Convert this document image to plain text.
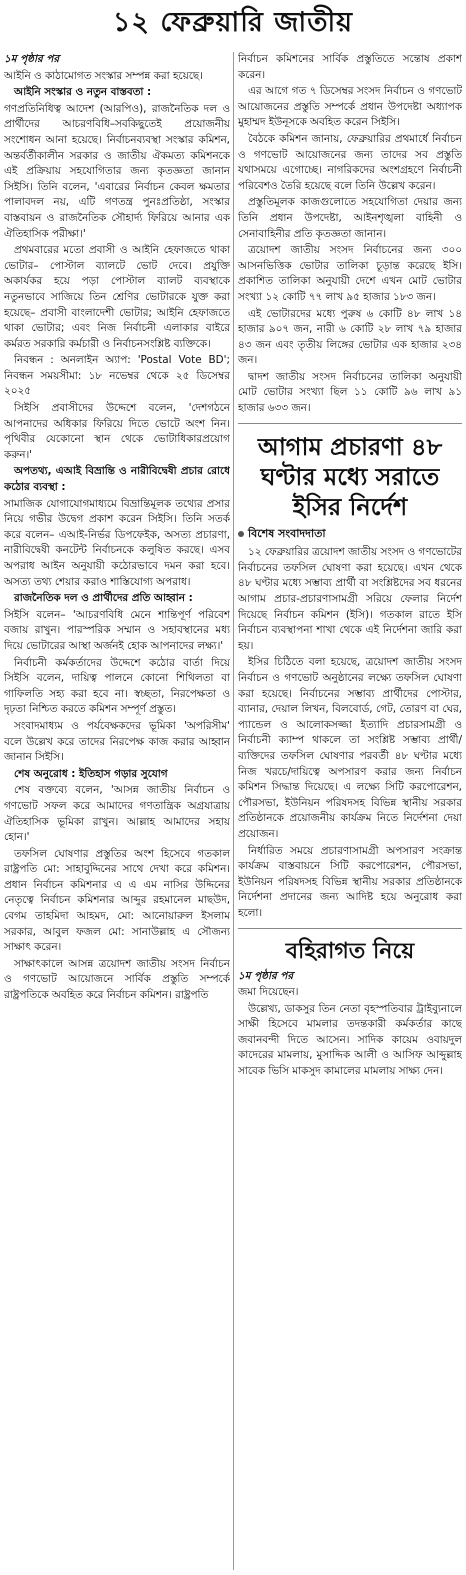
১২ ফেব্রুয়ারি জাতীয়

১ম পৃষ্ঠার পর

আইনি ও কাঠামোগত সংস্কার সম্পন্ন করা হয়েছে।

আইনি সংস্কার ও নতুন বাস্তবতা :

গণপ্রতিনিধিত্ব আদেশ (আরপিও), রাজনৈতিক দল ও প্রার্থীদের আচরণবিধি–সবকিছুতেই প্রয়োজনীয় সংশোধন আনা হয়েছে। নির্বাচনব্যবস্থা সংস্কার কমিশন, অন্তর্বর্তীকালীন সরকার ও জাতীয় ঐকমত্য কমিশনকে এই প্রক্রিয়ায় সহযোগিতার জন্য কৃতজ্ঞতা জানান সিইসি। তিনি বলেন, 'এবারের নির্বাচন কেবল ক্ষমতার পালাবদল নয়, এটি গণতন্ত্র পুনঃপ্রতিষ্ঠা, সংস্কার বাস্তবায়ন ও রাজনৈতিক সৌহার্দ্য ফিরিয়ে আনার এক ঐতিহাসিক পরীক্ষা।'

প্রথমবারের মতো প্রবাসী ও আইনি হেফাজতে থাকা ভোটার– পোস্টাল ব্যালটে ভোট দেবে। প্রযুক্তি অকার্যকর হয়ে পড়া পোস্টাল ব্যালট ব্যবস্থাকে নতুনভাবে সাজিয়ে তিন শ্রেণির ভোটারকে যুক্ত করা হয়েছে– প্রবাসী বাংলাদেশী ভোটার; আইনি হেফাজতে থাকা ভোটার; এবং নিজ নির্বাচনী এলাকার বাইরে কর্মরত সরকারি কর্মচারী ও নির্বাচনসংশ্লিষ্ট ব্যক্তিকে।

নিবন্ধন : অনলাইন অ্যাপ: 'Postal Vote BD'; নিবন্ধন সময়সীমা: ১৮ নভেম্বর থেকে ২৫ ডিসেম্বর ২০২৫

সিইসি প্রবাসীদের উদ্দেশে বলেন, 'দেশগঠনে আপনাদের অধিকার ফিরিয়ে দিতে ভোটে অংশ নিন। পৃথিবীর যেকোনো স্থান থেকে ভোটাধিকারপ্রয়োগ করুন।'

অপতথ্য, এআই বিভ্রান্তি ও নারীবিদ্বেষী প্রচার রোধে কঠোর ব্যবস্থা :

সামাজিক যোগাযোগমাধ্যমে বিভ্রান্তিমূলক তথ্যের প্রসার নিয়ে গভীর উদ্বেগ প্রকাশ করেন সিইসি। তিনি সতর্ক করে বলেন– এআই-নির্ভর ডিপফেইক, অসত্য প্রচারণা, নারীবিদ্বেষী কনটেন্ট নির্বাচনকে কলুষিত করছে। এসব অপরাধ আইন অনুযায়ী কঠোরভাবে দমন করা হবে। অসত্য তথ্য শেয়ার করাও শাস্তিযোগ্য অপরাধ।

রাজনৈতিক দল ও প্রার্থীদের প্রতি আহ্বান :

সিইসি বলেন– 'আচরণবিধি মেনে শান্তিপূর্ণ পরিবেশ বজায় রাখুন। পারস্পরিক সম্মান ও সহাবস্থানের মধ্য দিয়ে ভোটারের আস্থা অর্জনই হোক আপনাদের লক্ষ্য।'

নির্বাচনী কর্মকর্তাদের উদ্দেশে কঠোর বার্তা দিয়ে সিইসি বলেন, দায়িত্ব পালনে কোনো শিথিলতা বা গাফিলতি সহ্য করা হবে না। স্বচ্ছতা, নিরপেক্ষতা ও দৃঢ়তা নিশ্চিত করতে কমিশন সম্পূর্ণ প্রস্তুত।

সংবাদমাধ্যম ও পর্যবেক্ষকদের ভূমিকা 'অপরিসীম' বলে উল্লেখ করে তাদের নিরপেক্ষ কাজ করার আহ্বান জানান সিইসি।

শেষ অনুরোধ : ইতিহাস গড়ার সুযোগ

শেষ বক্তব্যে বলেন, 'আসন্ন জাতীয় নির্বাচন ও গণভোট সফল করে আমাদের গণতান্ত্রিক অগ্রযাত্রায় ঐতিহাসিক ভূমিকা রাখুন। আল্লাহ আমাদের সহায় হোন।'

তফসিল ঘোষণার প্রস্তুতির অংশ হিসেবে গতকাল রাষ্ট্রপতি মো: সাহাবুদ্দিনের সাথে দেখা করে কমিশন। প্রধান নির্বাচন কমিশনার এ এ এম নাসির উদ্দিনের নেতৃত্বে নির্বাচন কমিশনার আব্দুর রহমানেল মাছউদ, বেগম তাহমিদা আহমদ, মো: আনোয়ারুল ইসলাম সরকার, আবুল ফজল মো: সানাউল্লাহ এ সৌজন্য সাক্ষাৎ করেন।

সাক্ষাৎকালে আসন্ন ত্রয়োদশ জাতীয় সংসদ নির্বাচন ও গণভোট আয়োজনে সার্বিক প্রস্তুতি সম্পর্কে রাষ্ট্রপতিকে অবহিত করে নির্বাচন কমিশন। রাষ্ট্রপতি

নির্বাচন কমিশনের সার্বিক প্রস্তুতিতে সন্তোষ প্রকাশ করেন।

এর আগে গত ৭ ডিসেম্বর সংসদ নির্বাচন ও গণভোট আয়োজনের প্রস্তুতি সম্পর্কে প্রধান উপদেষ্টা অধ্যাপক মুহাম্মদ ইউনূসকে অবহিত করেন সিইসি।

বৈঠকে কমিশন জানায়, ফেব্রুয়ারির প্রথমার্ধে নির্বাচন ও গণভোট আয়োজনের জন্য তাদের সব প্রস্তুতি যথাসময়ে এগোচ্ছে। নাগরিকদের অংশগ্রহণে নির্বাচনী পরিবেশও তৈরি হয়েছে বলে তিনি উল্লেখ করেন।

প্রস্তুতিমূলক কাজগুলোতে সহযোগিতা দেয়ার জন্য তিনি প্রধান উপদেষ্টা, আইনশৃঙ্খলা বাহিনী ও সেনাবাহিনীর প্রতি কৃতজ্ঞতা জানান।

ত্রয়োদশ জাতীয় সংসদ নির্বাচনের জন্য ৩০০ আসনভিত্তিক ভোটার তালিকা চূড়ান্ত করেছে ইসি। প্রকাশিত তালিকা অনুযায়ী দেশে এখন মোট ভোটার সংখ্যা ১২ কোটি ৭৭ লাখ ৯৫ হাজার ১৮৩ জন।

এই ভোটারদের মধ্যে পুরুষ ৬ কোটি ৪৮ লাখ ১৪ হাজার ৯০৭ জন, নারী ৬ কোটি ২৮ লাখ ৭৯ হাজার ৪৩ জন এবং তৃতীয় লিঙ্গের ভোটার এক হাজার ২৩৪ জন।

দ্বাদশ জাতীয় সংসদ নির্বাচনের তালিকা অনুযায়ী মোট ভোটার সংখ্যা ছিল ১১ কোটি ৯৬ লাখ ৯১ হাজার ৬৩৩ জন।

আগাম প্রচারণা ৪৮ ঘণ্টার মধ্যে সরাতে ইসির নির্দেশ
বিশেষ সংবাদদাতা

১২ ফেব্রুয়ারির ত্রয়োদশ জাতীয় সংসদ ও গণভোটের নির্বাচনের তফসিল ঘোষণা করা হয়েছে। এখন থেকে ৪৮ ঘণ্টার মধ্যে সম্ভাব্য প্রার্থী বা সংশ্লিষ্টদের সব ধরনের আগাম প্রচার-প্রচারণাসামগ্রী সরিয়ে ফেলার নির্দেশ দিয়েছে নির্বাচন কমিশন (ইসি)। গতকাল রাতে ইসি নির্বাচন ব্যবস্থাপনা শাখা থেকে এই নির্দেশনা জারি করা হয়।

ইসির চিঠিতে বলা হয়েছে, ত্রয়োদশ জাতীয় সংসদ নির্বাচন ও গণভোট অনুষ্ঠানের লক্ষ্যে তফসিল ঘোষণা করা হয়েছে। নির্বাচনের সম্ভাব্য প্রার্থীদের পোস্টার, ব্যানার, দেয়াল লিখন, বিলবোর্ড, গেট, তোরণ বা ঘের, প্যান্ডেল ও আলোকসজ্জা ইত্যাদি প্রচারসামগ্রী ও নির্বাচনী ক্যাম্প থাকলে তা সংশ্লিষ্ট সম্ভাব্য প্রার্থী/ব্যক্তিদের তফসিল ঘোষণার পরবর্তী ৪৮ ঘণ্টার মধ্যে নিজ খরচে/দায়িত্বে অপসারণ করার জন্য নির্বাচন কমিশন সিদ্ধান্ত দিয়েছে। এ লক্ষ্যে সিটি করপোরেশন, পৌরসভা, ইউনিয়ন পরিষদসহ বিভিন্ন স্থানীয় সরকার প্রতিষ্ঠানকে প্রয়োজনীয় কার্যক্রম নিতে নির্দেশনা দেয়া প্রয়োজন।

নির্ধারিত সময়ে প্রচারণাসামগ্রী অপসারণ সংক্রান্ত কার্যক্রম বাস্তবায়নে সিটি করপোরেশন, পৌরসভা, ইউনিয়ন পরিষদসহ বিভিন্ন স্থানীয় সরকার প্রতিষ্ঠানকে নির্দেশনা প্রদানের জন্য আদিষ্ট হয়ে অনুরোধ করা হলো।

বহিরাগত নিয়ে

১ম পৃষ্ঠার পর

জমা দিয়েছেন।

উল্লেখ্য, ডাকসুর তিন নেতা বৃহস্পতিবার ট্রাইব্যুনালে সাক্ষী হিসেবে মামলার তদন্তকারী কর্মকর্তার কাছে জবানবন্দী দিতে আসেন। সাদিক কায়েম ওবায়দুল কাদেরের মামলায়, মুসাদ্দিক আলী ও আসিফ আব্দুল্লাহ সাবেক ভিসি মাকসুদ কামালের মামলায় সাক্ষ্য দেন।
